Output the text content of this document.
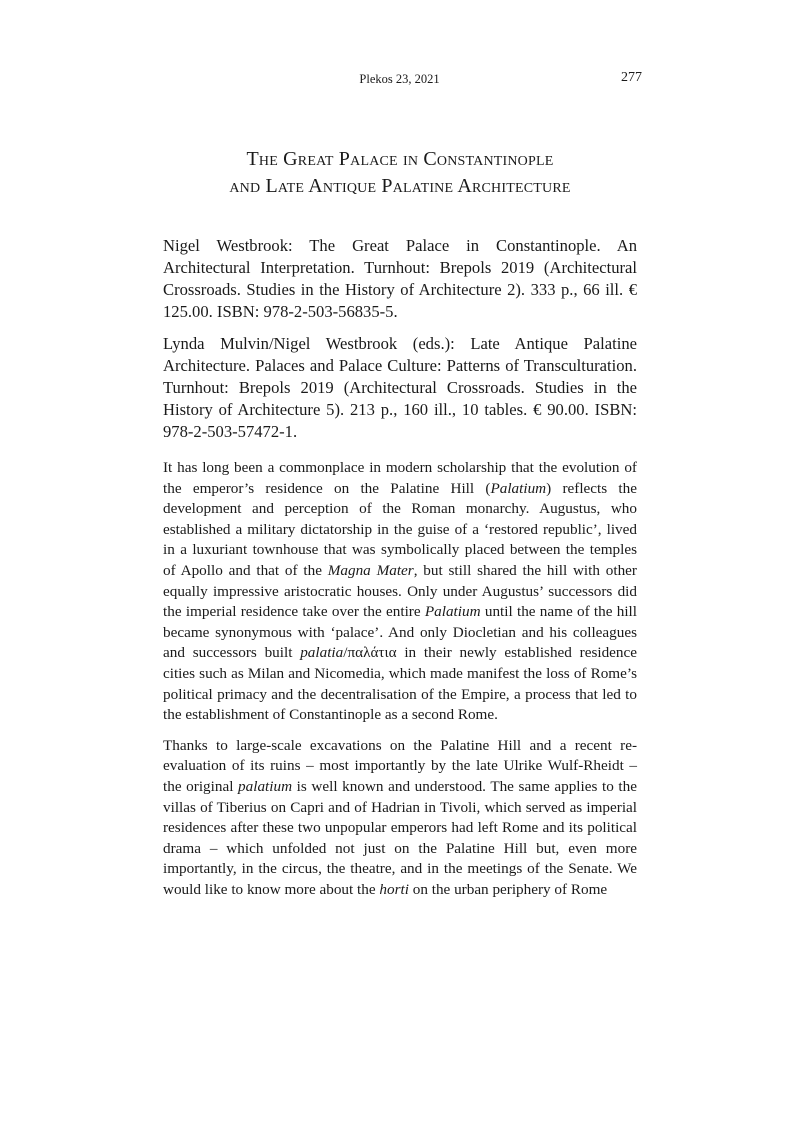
Plekos 23, 2021	277
The Great Palace in Constantinople
and Late Antique Palatine Architecture

Nigel Westbrook: The Great Palace in Constantinople. An Architectural Interpretation. Turnhout: Brepols 2019 (Architectural Crossroads. Studies in the History of Architecture 2). 333 p., 66 ill. € 125.00. ISBN: 978-2-503-56835-5.

Lynda Mulvin/Nigel Westbrook (eds.): Late Antique Palatine Architecture. Palaces and Palace Culture: Patterns of Transculturation. Turnhout: Brepols 2019 (Architectural Crossroads. Studies in the History of Architecture 5). 213 p., 160 ill., 10 tables. € 90.00. ISBN: 978-2-503-57472-1.

It has long been a commonplace in modern scholarship that the evolution of the emperor’s residence on the Palatine Hill (Palatium) reflects the development and perception of the Roman monarchy. Augustus, who established a military dictatorship in the guise of a ‘restored republic’, lived in a luxuriant townhouse that was symbolically placed between the temples of Apollo and that of the Magna Mater, but still shared the hill with other equally impressive aristocratic houses. Only under Augustus’ successors did the imperial residence take over the entire Palatium until the name of the hill became synonymous with ‘palace’. And only Diocletian and his colleagues and successors built palatia/παλάτια in their newly established residence cities such as Milan and Nicomedia, which made manifest the loss of Rome’s political primacy and the decentralisation of the Empire, a process that led to the establishment of Constantinople as a second Rome.

Thanks to large-scale excavations on the Palatine Hill and a recent re-evaluation of its ruins – most importantly by the late Ulrike Wulf-Rheidt – the original palatium is well known and understood. The same applies to the villas of Tiberius on Capri and of Hadrian in Tivoli, which served as imperial residences after these two unpopular emperors had left Rome and its political drama – which unfolded not just on the Palatine Hill but, even more importantly, in the circus, the theatre, and in the meetings of the Senate. We would like to know more about the horti on the urban periphery of Rome
